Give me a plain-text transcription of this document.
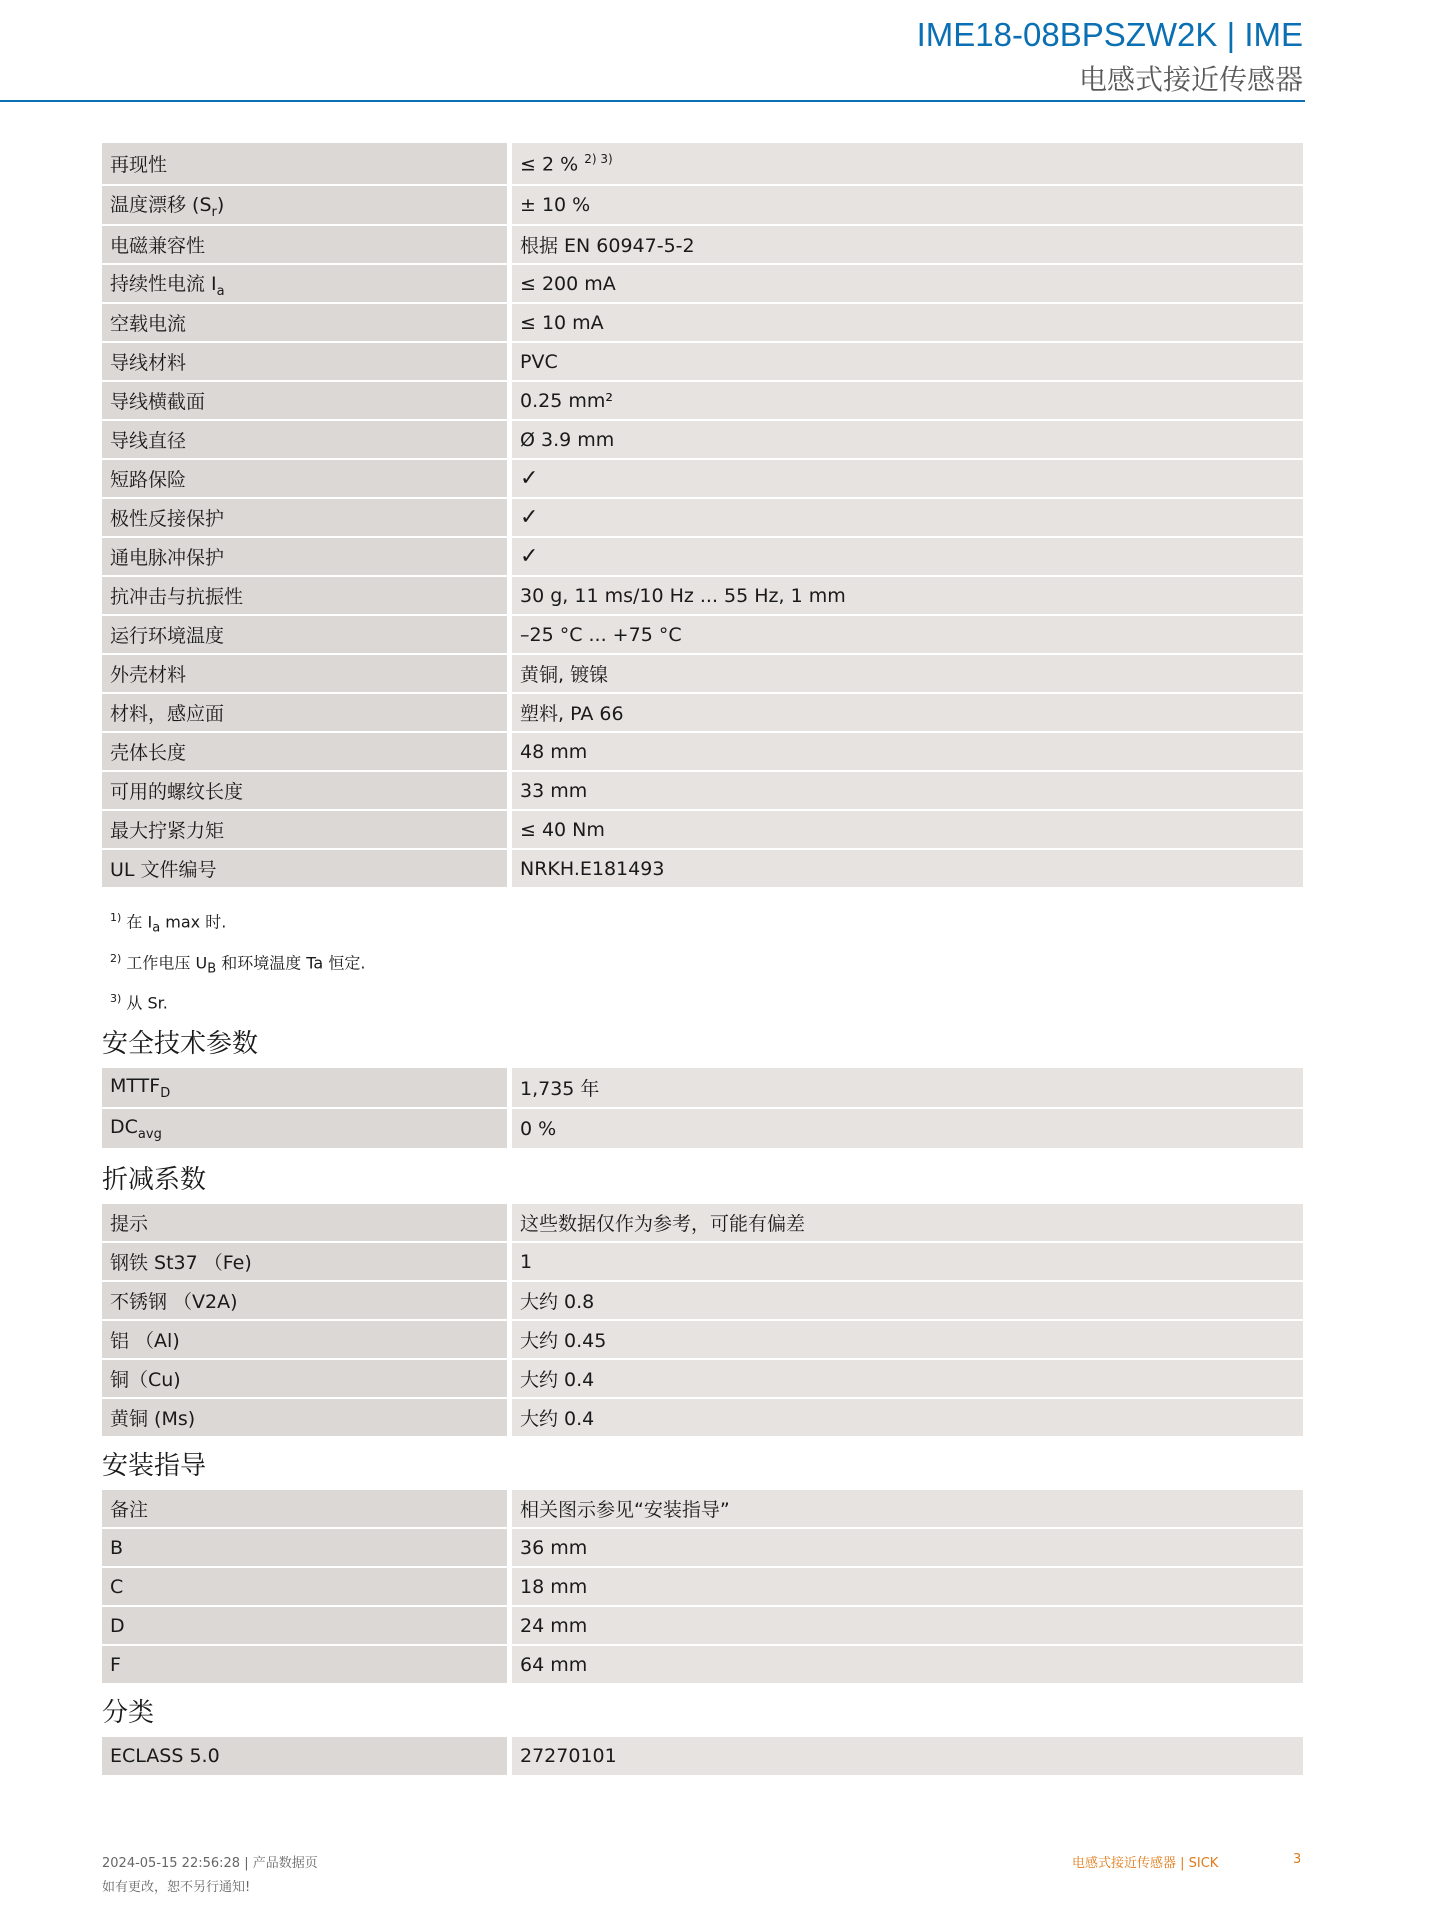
IME18-08BPSZW2K | IME
电感式接近传感器
再现性	≤ 2 % $^{2) 3)}$
温度漂移 $(S_r)$	± 10 %
电磁兼容性	根据 EN 60947-5-2
持续性电流 $I_a$	≤ 200 mA
空载电流	≤ 10 mA
导线材料	PVC
导线横截面	0.25 mm²
导线直径	Ø 3.9 mm
短路保险	✓
极性反接保护	✓
通电脉冲保护	✓
抗冲击与抗振性	30 g, 11 ms/10 Hz ... 55 Hz, 1 mm
运行环境温度	–25 °C ... +75 °C
外壳材料	黄铜, 镀镍
材料，感应面	塑料, PA 66
壳体长度	48 mm
可用的螺纹长度	33 mm
最大拧紧力矩	≤ 40 Nm
UL 文件编号	NRKH.E181493
$^{1)}$ 在 $I_a$ max 时.
$^{2)}$ 工作电压 $U_B$ 和环境温度 Ta 恒定.
$^{3)}$ 从 Sr.
安全技术参数
$MTTF_D$	1,735 年
$DC_{avg}$	0 %
折减系数
提示	这些数据仅作为参考，可能有偏差
钢铁 St37 （Fe)	1
不锈钢 （V2A)	大约 0.8
铝 （Al)	大约 0.45
铜（Cu)	大约 0.4
黄铜 (Ms)	大约 0.4
安装指导
备注	相关图示参见“安装指导”
B	36 mm
C	18 mm
D	24 mm
F	64 mm
分类
ECLASS 5.0	27270101
2024-05-15 22:56:28 | 产品数据页
如有更改，恕不另行通知!
电感式接近传感器 | SICK	3
